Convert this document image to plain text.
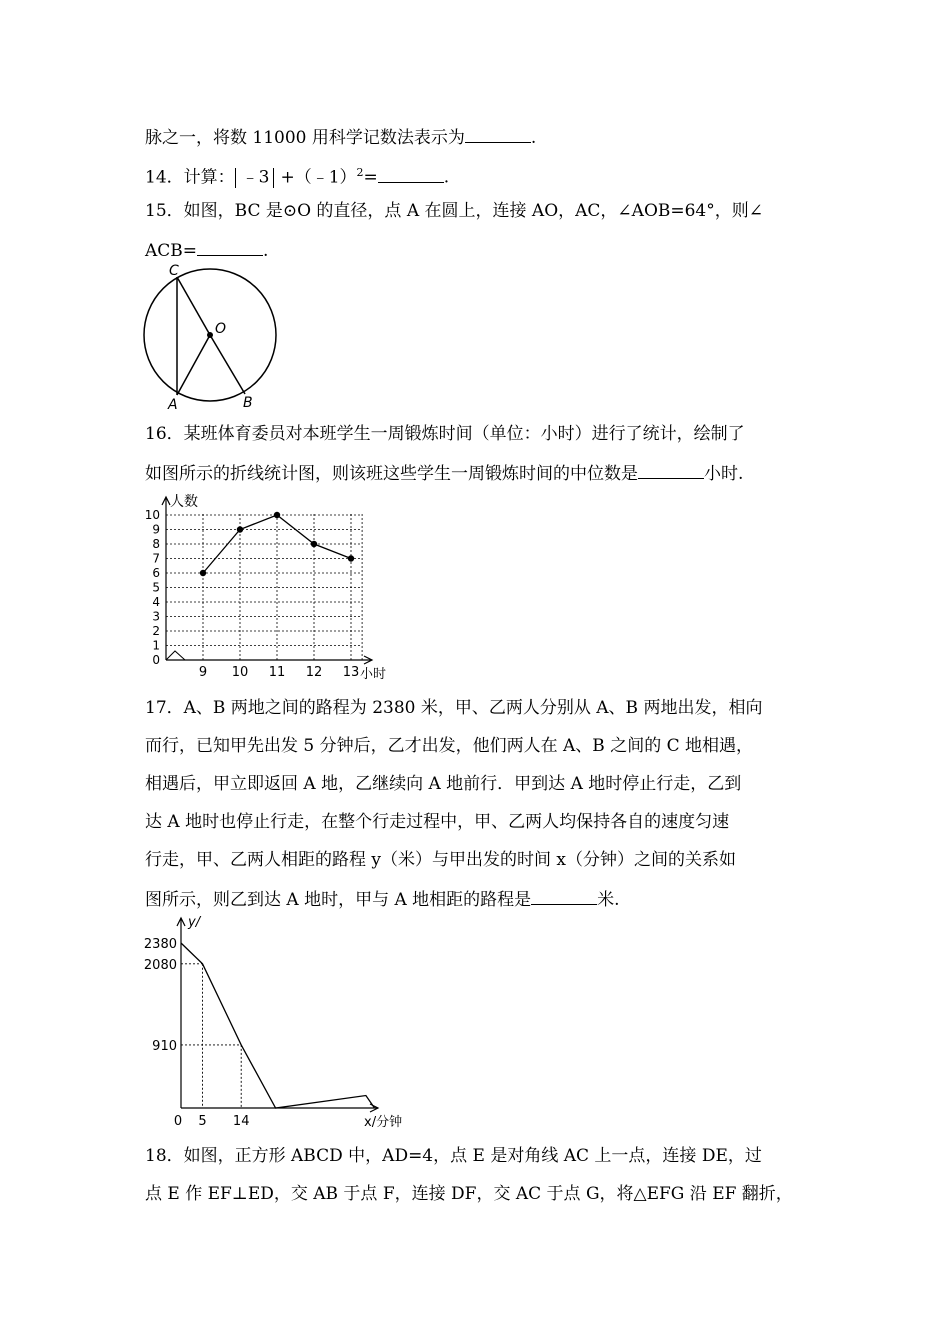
脉之一，将数 11000 用科学记数法表示为	.
14．计算： ﹣3 +（﹣1）$^2$=	.
15．如图，BC 是⊙O 的直径，点 A 在圆上，连接 AO，AC，∠AOB=64°，则∠
ACB=	.
C
O
A	B
16．某班体育委员对本班学生一周锻炼时间（单位：小时）进行了统计，绘制了
如图所示的折线统计图，则该班这些学生一周锻炼时间的中位数是	小时.
0
1
2
3
4
5
6
7
8
9
10
9 10 11 12 13
人数
小时
17．A、B 两地之间的路程为 2380 米，甲、乙两人分别从 A、B 两地出发，相向
而行，已知甲先出发 5 分钟后，乙才出发，他们两人在 A、B 之间的 C 地相遇，
相遇后，甲立即返回 A 地，乙继续向 A 地前行．甲到达 A 地时停止行走，乙到
达 A 地时也停止行走，在整个行走过程中，甲、乙两人均保持各自的速度匀速
行走，甲、乙两人相距的路程 y（米）与甲出发的时间 x（分钟）之间的关系如
图所示，则乙到达 A 地时，甲与 A 地相距的路程是	米.
2380
2080
910
0 5 14
y/
x/分钟
18．如图，正方形 ABCD 中，AD=4，点 E 是对角线 AC 上一点，连接 DE，过
点 E 作 EF⊥ED，交 AB 于点 F，连接 DF，交 AC 于点 G，将△EFG 沿 EF 翻折，
